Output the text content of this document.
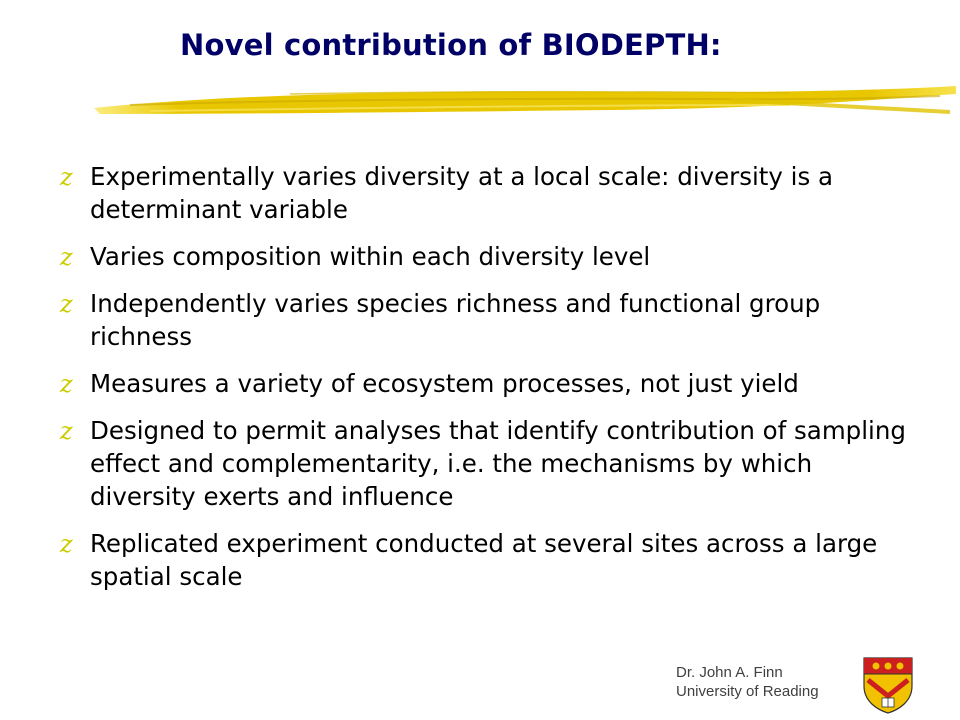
Novel contribution of BIODEPTH:
z Experimentally varies diversity at a local scale: diversity is a determinant variable
z Varies composition within each diversity level
z Independently varies species richness and functional group richness
z Measures a variety of ecosystem processes, not just yield
z Designed to permit analyses that identify contribution of sampling effect and complementarity, i.e. the mechanisms by which diversity exerts and influence
z Replicated experiment conducted at several sites across a large spatial scale
Dr. John A. Finn
University of Reading
